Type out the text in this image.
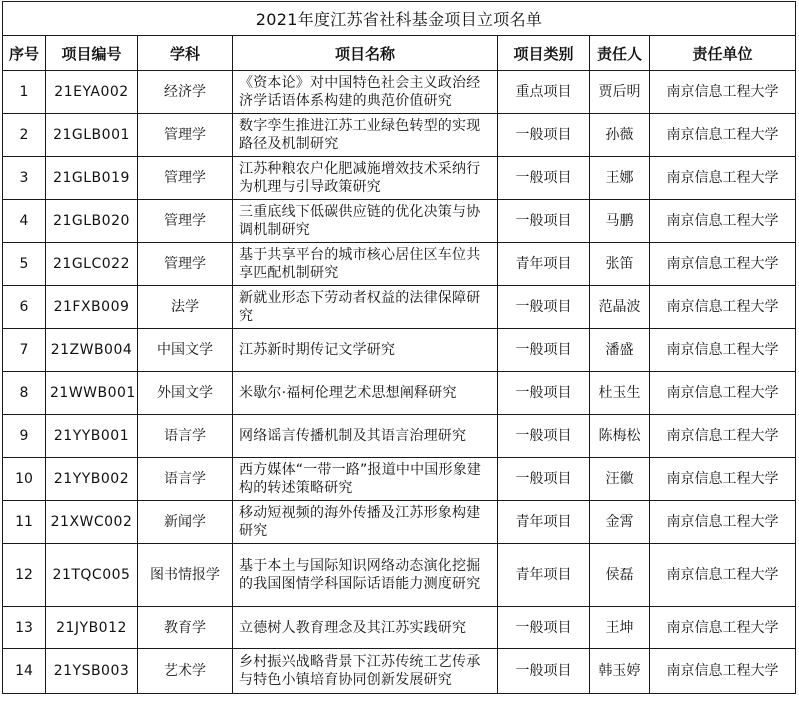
2021年度江苏省社科基金项目立项名单						
序号	项目编号	学科	项目名称	项目类别	责任人	责任单位
1	21EYA002	经济学	《资本论》对中国特色社会主义政治经济学话语体系构建的典范价值研究	重点项目	贾后明	南京信息工程大学
2	21GLB001	管理学	数字孪生推进江苏工业绿色转型的实现路径及机制研究	一般项目	孙薇	南京信息工程大学
3	21GLB019	管理学	江苏种粮农户化肥减施增效技术采纳行为机理与引导政策研究	一般项目	王娜	南京信息工程大学
4	21GLB020	管理学	三重底线下低碳供应链的优化决策与协调机制研究	一般项目	马鹏	南京信息工程大学
5	21GLC022	管理学	基于共享平台的城市核心居住区车位共享匹配机制研究	青年项目	张笛	南京信息工程大学
6	21FXB009	法学	新就业形态下劳动者权益的法律保障研究	一般项目	范晶波	南京信息工程大学
7	21ZWB004	中国文学	江苏新时期传记文学研究	一般项目	潘盛	南京信息工程大学
8	21WWB001	外国文学	米歇尔·福柯伦理艺术思想阐释研究	一般项目	杜玉生	南京信息工程大学
9	21YYB001	语言学	网络谣言传播机制及其语言治理研究	一般项目	陈梅松	南京信息工程大学
10	21YYB002	语言学	西方媒体“一带一路”报道中中国形象建构的转述策略研究	一般项目	汪徽	南京信息工程大学
11	21XWC002	新闻学	移动短视频的海外传播及江苏形象构建研究	青年项目	金霄	南京信息工程大学
12	21TQC005	图书情报学	基于本土与国际知识网络动态演化挖掘的我国图情学科国际话语能力测度研究	青年项目	侯磊	南京信息工程大学
13	21JYB012	教育学	立德树人教育理念及其江苏实践研究	一般项目	王坤	南京信息工程大学
14	21YSB003	艺术学	乡村振兴战略背景下江苏传统工艺传承与特色小镇培育协同创新发展研究	一般项目	韩玉婷	南京信息工程大学
